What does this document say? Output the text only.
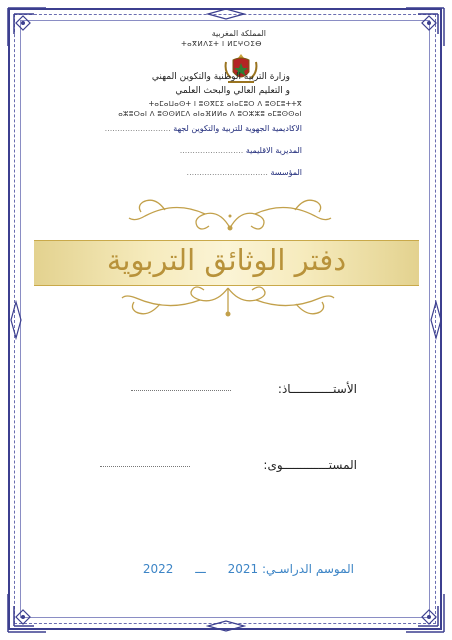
المملكة المغربية
ⵜⴰⴳⵍⴷⵉⵜ ⵏ ⵍⵎⵖⵔⵉⴱ
وزارة التربية الوطنية والتكوين المهني
و التعليم العالي والبحث العلمي
ⵜⴰⵎⴰⵡⴰⵙⵜ ⵏ ⵓⵙⴳⵎⵉ ⴰⵏⴰⵎⵓⵔ ⴷ ⵓⵙⵎⵓⵜⵜⴳ
ⴰⵣⵓⵔⴰⵏ ⴷ ⵓⵙⵙⵍⵎⴷ ⴰⵏⴰⴼⵍⵍⴰ ⴷ ⵓⵔⵣⵣⵓ ⴰⵎⵓⵙⵙⴰⵏ
الاكاديمية الجهوية للتربية والتكوين لجهة ..........................
المديرية الاقليمية .........................
المؤسسة ................................
دفتر الوثائق التربوية
الأستــــــــــــاذ:
المستـــــــــــــوى:
الموسم الدراسـي: 2021 ـــ 2022
